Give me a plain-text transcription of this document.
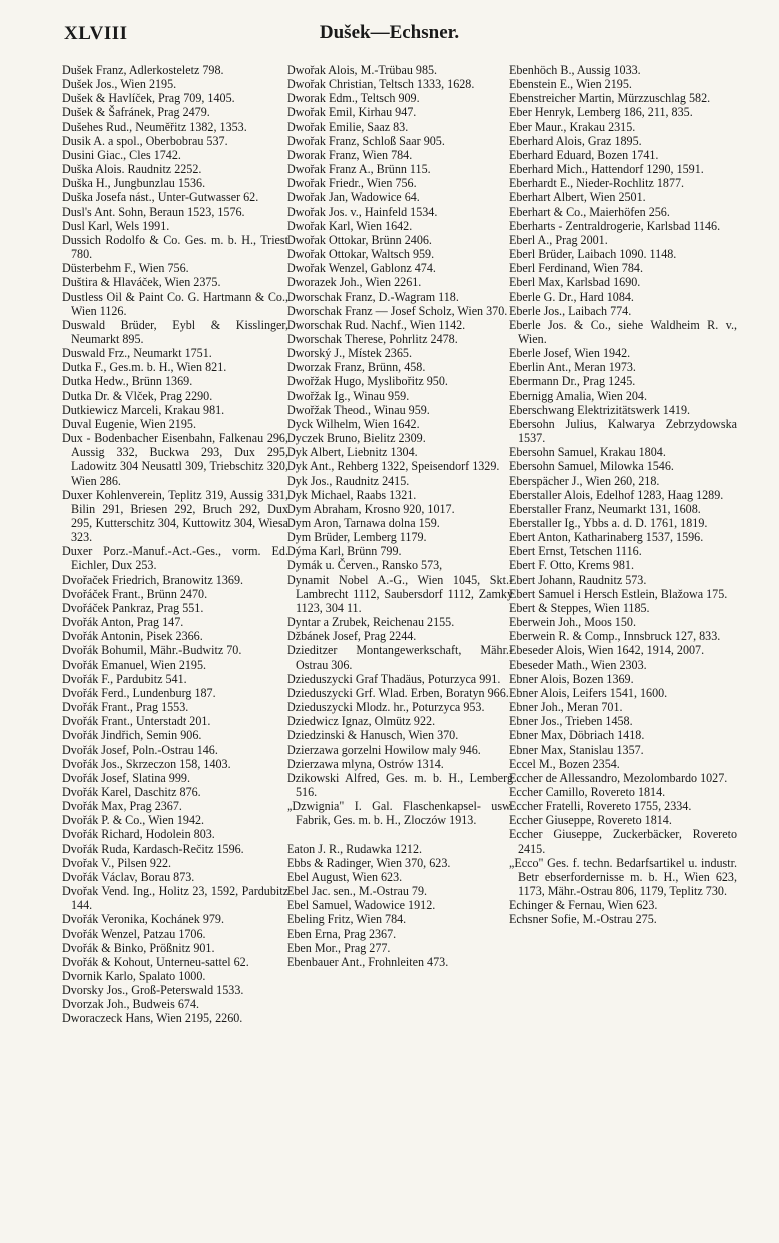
XLVIII	Dušek—Echsner.
Dušek Franz, Adlerkosteletz 798.
Dušek Jos., Wien 2195.
Dušek & Havlíček, Prag 709, 1405.
Dušek & Šafránek, Prag 2479.
Dušehes Rud., Neuměřitz 1382, 1353.
Dusik A. a spol., Oberbobrau 537.
Dusini Giac., Cles 1742.
Duška Alois. Raudnitz 2252.
Duška H., Jungbunzlau 1536.
Duška Josefa nást., Unter-Gutwasser 62.
Dusl's Ant. Sohn, Beraun 1523, 1576.
Dusl Karl, Wels 1991.
Dussich Rodolfo & Co. Ges. m. b. H., Triest 780.
Düsterbehm F., Wien 756.
Duštira & Hlaváček, Wien 2375.
Dustless Oil & Paint Co. G. Hartmann & Co., Wien 1126.
Duswald Brüder, Eybl & Kisslinger, Neumarkt 895.
Duswald Frz., Neumarkt 1751.
Dutka F., Ges.m. b. H., Wien 821.
Dutka Hedw., Brünn 1369.
Dutka Dr. & Vlček, Prag 2290.
Dutkiewicz Marceli, Krakau 981.
Duval Eugenie, Wien 2195.
Dux - Bodenbacher Eisenbahn, Falkenau 296, Aussig 332, Buckwa 293, Dux 295, Ladowitz 304 Neusattl 309, Triebschitz 320, Wien 286.
Duxer Kohlenverein, Teplitz 319, Aussig 331, Bilin 291, Briesen 292, Bruch 292, Dux 295, Kutterschitz 304, Kuttowitz 304, Wiesa 323.
Duxer Porz.-Manuf.-Act.-Ges., vorm. Ed. Eichler, Dux 253.
Dvořaček Friedrich, Branowitz 1369.
Dvořáček Frant., Brünn 2470.
Dvořáček Pankraz, Prag 551.
Dvořák Anton, Prag 147.
Dvořák Antonin, Pisek 2366.
Dvořák Bohumil, Mähr.-Budwitz 70.
Dvořák Emanuel, Wien 2195.
Dvořák F., Pardubitz 541.
Dvořák Ferd., Lundenburg 187.
Dvořák Frant., Prag 1553.
Dvořák Frant., Unterstadt 201.
Dvořák Jindřich, Semin 906.
Dvořák Josef, Poln.-Ostrau 146.
Dvořák Jos., Skrzeczon 158, 1403.
Dvořák Josef, Slatina 999.
Dvořák Karel, Daschitz 876.
Dvořák Max, Prag 2367.
Dvořák P. & Co., Wien 1942.
Dvořák Richard, Hodolein 803.
Dvořák Ruda, Kardasch-Rečitz 1596.
Dvořak V., Pilsen 922.
Dvořák Václav, Borau 873.
Dvořak Vend. Ing., Holitz 23, 1592, Pardubitz 144.
Dvořák Veronika, Kochánek 979.
Dvořák Wenzel, Patzau 1706.
Dvořák & Binko, Prößnitz 901.
Dvořák & Kohout, Unterneu-sattel 62.
Dvornik Karlo, Spalato 1000.
Dvorsky Jos., Groß-Peterswald 1533.
Dvorzak Joh., Budweis 674.
Dworaczeck Hans, Wien 2195, 2260.
Dwořak Alois, M.-Trübau 985.
Dwořak Christian, Teltsch 1333, 1628.
Dworak Edm., Teltsch 909.
Dwořak Emil, Kirhau 947.
Dwořak Emilie, Saaz 83.
Dwořak Franz, Schloß Saar 905.
Dworak Franz, Wien 784.
Dwořak Franz A., Brünn 115.
Dwořak Friedr., Wien 756.
Dwořak Jan, Wadowice 64.
Dwořak Jos. v., Hainfeld 1534.
Dwořak Karl, Wien 1642.
Dwořak Ottokar, Brünn 2406.
Dwořak Ottokar, Waltsch 959.
Dwořak Wenzel, Gablonz 474.
Dworazek Joh., Wien 2261.
Dworschak Franz, D.-Wagram 118.
Dworschak Franz — Josef Scholz, Wien 370.
Dworschak Rud. Nachf., Wien 1142.
Dworschak Therese, Pohrlitz 2478.
Dworský J., Místek 2365.
Dworzak Franz, Brünn, 458.
Dwořžak Hugo, Myslibořitz 950.
Dwořžak Ig., Winau 959.
Dwořžak Theod., Winau 959.
Dyck Wilhelm, Wien 1642.
Dyczek Bruno, Bielitz 2309.
Dyk Albert, Liebnitz 1304.
Dyk Ant., Rehberg 1322, Speisendorf 1329.
Dyk Jos., Raudnitz 2415.
Dyk Michael, Raabs 1321.
Dym Abraham, Krosno 920, 1017.
Dym Aron, Tarnawa dolna 159.
Dym Brüder, Lemberg 1179.
Dýma Karl, Brünn 799.
Dymák u. Červen., Ransko 573,
Dynamit Nobel A.-G., Wien 1045, Skt.-Lambrecht 1112, Saubersdorf 1112, Zamky 1123, 304 11.
Dyntar a Zrubek, Reichenau 2155.
Džbánek Josef, Prag 2244.
Dzieditzer Montangewerkschaft, Mähr.-Ostrau 306.
Dzieduszycki Graf Thadäus, Poturzyca 991.
Dzieduszycki Grf. Wlad. Erben, Boratyn 966.
Dzieduszycki Mlodz. hr., Poturzyca 953.
Dziedwicz Ignaz, Olmütz 922.
Dziedzinski & Hanusch, Wien 370.
Dzierzawa gorzelni Howilow maly 946.
Dzierzawa mlyna, Ostrów 1314.
Dzikowski Alfred, Ges. m. b. H., Lemberg 516.
„Dzwignia" I. Gal. Flaschenkapsel- usw. Fabrik, Ges. m. b. H., Zloczów 1913.
Eaton J. R., Rudawka 1212.
Ebbs & Radinger, Wien 370, 623.
Ebel August, Wien 623.
Ebel Jac. sen., M.-Ostrau 79.
Ebel Samuel, Wadowice 1912.
Ebeling Fritz, Wien 784.
Eben Erna, Prag 2367.
Eben Mor., Prag 277.
Ebenbauer Ant., Frohnleiten 473.
Ebenhöch B., Aussig 1033.
Ebenstein E., Wien 2195.
Ebenstreicher Martin, Mürzzuschlag 582.
Eber Henryk, Lemberg 186, 211, 835.
Eber Maur., Krakau 2315.
Eberhard Alois, Graz 1895.
Eberhard Eduard, Bozen 1741.
Eberhard Mich., Hattendorf 1290, 1591.
Eberhardt E., Nieder-Rochlitz 1877.
Eberhart Albert, Wien 2501.
Eberhart & Co., Maierhöfen 256.
Eberharts - Zentraldrogerie, Karlsbad 1146.
Eberl A., Prag 2001.
Eberl Brüder, Laibach 1090. 1148.
Eberl Ferdinand, Wien 784.
Eberl Max, Karlsbad 1690.
Eberle G. Dr., Hard 1084.
Eberle Jos., Laibach 774.
Eberle Jos. & Co., siehe Waldheim R. v., Wien.
Eberle Josef, Wien 1942.
Eberlin Ant., Meran 1973.
Ebermann Dr., Prag 1245.
Ebernigg Amalia, Wien 204.
Eberschwang Elektrizitätswerk 1419.
Ebersohn Julius, Kalwarya Zebrzydowska 1537.
Ebersohn Samuel, Krakau 1804.
Ebersohn Samuel, Milowka 1546.
Eberspächer J., Wien 260, 218.
Eberstaller Alois, Edelhof 1283, Haag 1289.
Eberstaller Franz, Neumarkt 131, 1608.
Eberstaller Ig., Ybbs a. d. D. 1761, 1819.
Ebert Anton, Katharinaberg 1537, 1596.
Ebert Ernst, Tetschen 1116.
Ebert F. Otto, Krems 981.
Ebert Johann, Raudnitz 573.
Ebert Samuel i Hersch Estlein, Blažowa 175.
Ebert & Steppes, Wien 1185.
Eberwein Joh., Moos 150.
Eberwein R. & Comp., Innsbruck 127, 833.
Ebeseder Alois, Wien 1642, 1914, 2007.
Ebeseder Math., Wien 2303.
Ebner Alois, Bozen 1369.
Ebner Alois, Leifers 1541, 1600.
Ebner Joh., Meran 701.
Ebner Jos., Trieben 1458.
Ebner Max, Döbriach 1418.
Ebner Max, Stanislau 1357.
Eccel M., Bozen 2354.
Eccher de Allessandro, Mezolombardo 1027.
Eccher Camillo, Rovereto 1814.
Eccher Fratelli, Rovereto 1755, 2334.
Eccher Giuseppe, Rovereto 1814.
Eccher Giuseppe, Zuckerbäcker, Rovereto 2415.
„Ecco" Ges. f. techn. Bedarfsartikel u. industr. Betr ebserfordernisse m. b. H., Wien 623, 1173, Mähr.-Ostrau 806, 1179, Teplitz 730.
Echinger & Fernau, Wien 623.
Echsner Sofie, M.-Ostrau 275.
